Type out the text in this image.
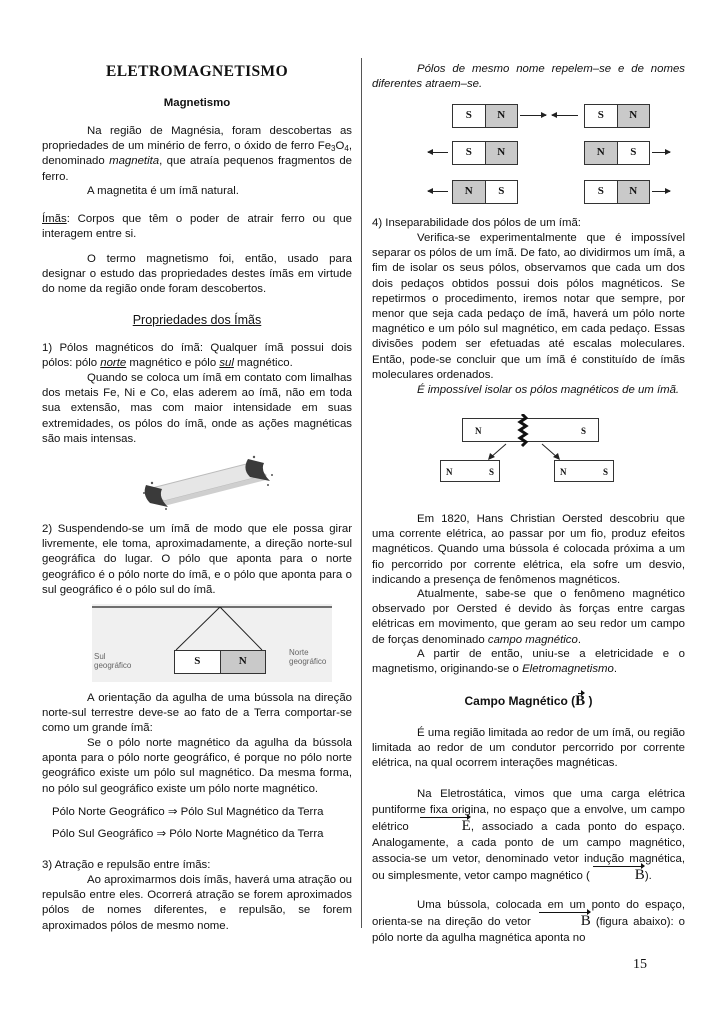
ELETROMAGNETISMO
Magnetismo

Na região de Magnésia, foram descobertas as propriedades de um minério de ferro, o óxido de ferro $Fe_3O_4$, denominado magnetita, que atraía pequenos fragmentos de ferro.

A magnetita é um ímã natural.

Ímãs: Corpos que têm o poder de atrair ferro ou que interagem entre si.

O termo magnetismo foi, então, usado para designar o estudo das propriedades destes ímãs em virtude do nome da região onde foram descobertos.

Propriedades dos Ímãs

1) Pólos magnéticos do ímã: Qualquer ímã possui dois pólos: pólo norte magnético e pólo sul magnético.

Quando se coloca um ímã em contato com limalhas dos metais Fe, Ni e Co, elas aderem ao ímã, não em toda sua extensão, mas com maior intensidade em suas extremidades, os pólos do ímã, onde as ações magnéticas são mais intensas.

2) Suspendendo-se um ímã de modo que ele possa girar livremente, ele toma, aproximadamente, a direção norte-sul geográfica do lugar. O pólo que aponta para o norte geográfico é o pólo norte do ímã, e o pólo que aponta para o sul geográfico é o pólo sul do ímã.

S	N
Sul geográfico
Norte geográfico

A orientação da agulha de uma bússola na direção norte-sul terrestre deve-se ao fato de a Terra comportar-se como um grande ímã:

Se o pólo norte magnético da agulha da bússola aponta para o pólo norte geográfico, é porque no pólo norte geográfico existe um pólo sul magnético. Da mesma forma, no pólo sul geográfico existe um pólo norte magnético.

Pólo Norte Geográfico ⇒ Pólo Sul Magnético da Terra
Pólo Sul Geográfico ⇒ Pólo Norte Magnético da Terra

3) Atração e repulsão entre ímãs:

Ao aproximarmos dois ímãs, haverá uma atração ou repulsão entre eles. Ocorrerá atração se forem aproximados pólos de nomes diferentes, e repulsão, se forem aproximados pólos de mesmo nome.

Pólos de mesmo nome repelem–se e de nomes diferentes atraem–se.

S	N	S	N
S	N	N	S
N	S	S	N

4) Inseparabilidade dos pólos de um ímã:

Verifica-se experimentalmente que é impossível separar os pólos de um ímã. De fato, ao dividirmos um ímã, a fim de isolar os seus pólos, observamos que cada um dos dois pedaços obtidos possui dois pólos magnéticos. Se repetirmos o procedimento, iremos notar que sempre, por menor que seja cada pedaço de ímã, haverá um pólo norte magnético e um pólo sul magnético, em cada pedaço. Essas divisões podem ser efetuadas até escalas moleculares. Então, pode-se concluir que um ímã é constituído de ímãs moleculares ordenados.

É impossível isolar os pólos magnéticos de um ímã.

N	S
N	S	N	S

Em 1820, Hans Christian Oersted descobriu que uma corrente elétrica, ao passar por um fio, produz efeitos magnéticos. Quando uma bússola é colocada próxima a um fio percorrido por corrente elétrica, ela sofre um desvio, indicando a presença de fenômenos magnéticos.

Atualmente, sabe-se que o fenômeno magnético observado por Oersted é devido às forças entre cargas elétricas em movimento, que geram ao seu redor um campo de forças denominado campo magnético.

A partir de então, uniu-se a eletricidade e o magnetismo, originando-se o Eletromagnetismo.

Campo Magnético (B )

É uma região limitada ao redor de um ímã, ou região limitada ao redor de um condutor percorrido por corrente elétrica, na qual ocorrem interações magnéticas.

Na Eletrostática, vimos que uma carga elétrica puntiforme fixa origina, no espaço que a envolve, um campo elétrico	E, associado a cada ponto do espaço. Analogamente, a cada ponto de um campo magnético, associa-se um vetor, denominado vetor indução magnética, ou simplesmente, vetor campo magnético (	B).

Uma bússola, colocada em um ponto do espaço, orienta-se na direção do vetor	B (figura abaixo): o pólo norte da agulha magnética aponta no

15
